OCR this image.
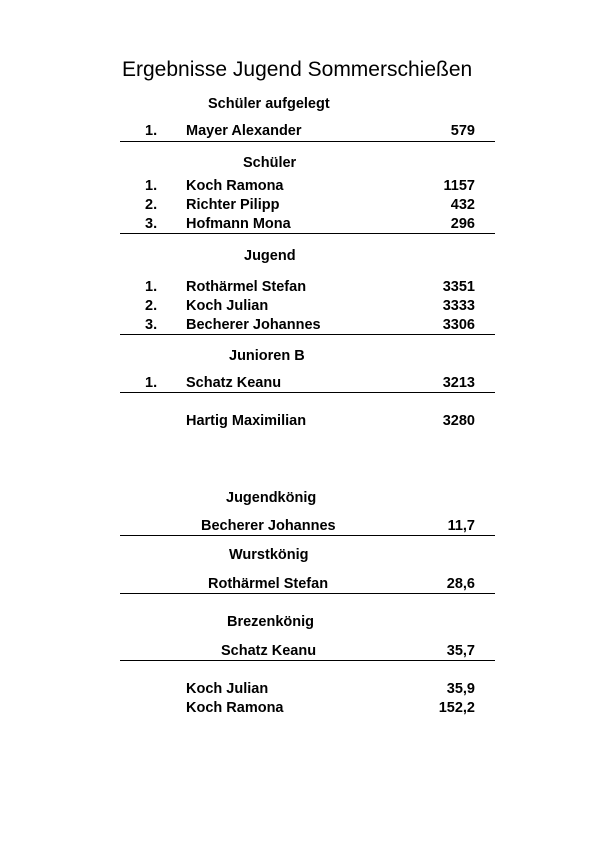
Ergebnisse Jugend Sommerschießen
Schüler aufgelegt
1. Mayer Alexander	579
Schüler
1. Koch Ramona	1157
2. Richter Pilipp	432
3. Hofmann Mona	296
Jugend
1. Rothärmel Stefan	3351
2. Koch Julian	3333
3. Becherer Johannes	3306
Junioren B
1. Schatz Keanu	3213
Hartig Maximilian	3280
Jugendkönig
Becherer Johannes	11,7
Wurstkönig
Rothärmel Stefan	28,6
Brezenkönig
Schatz Keanu	35,7
Koch Julian	35,9
Koch Ramona	152,2
